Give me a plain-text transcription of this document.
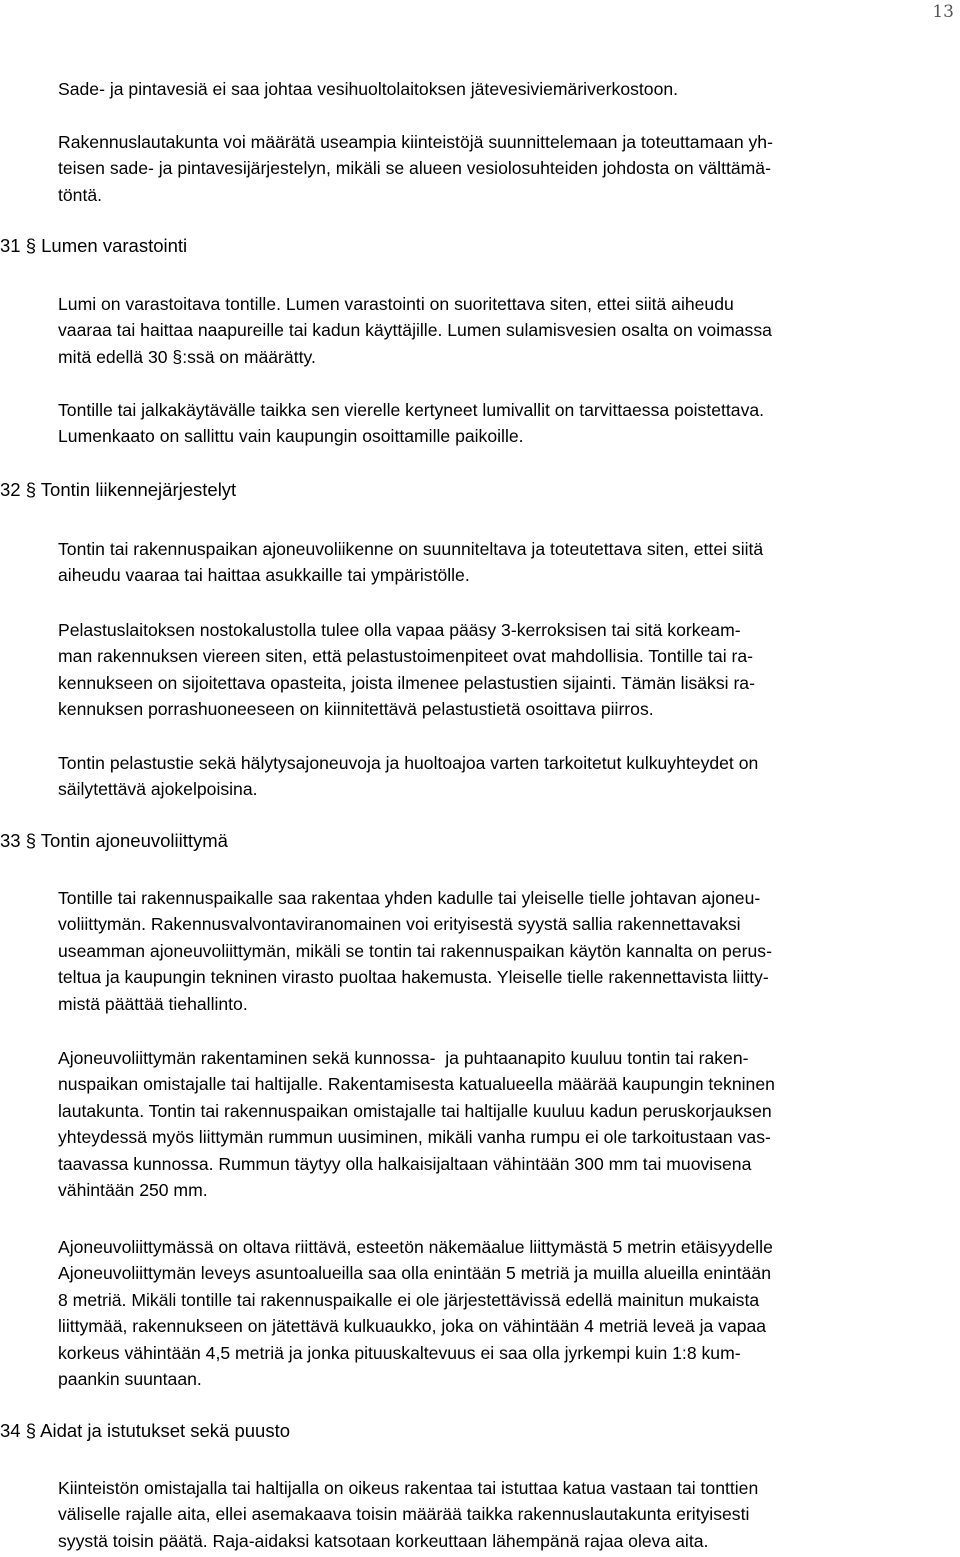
13
Sade- ja pintavesiä ei saa johtaa vesihuoltolaitoksen jätevesiviemäriverkostoon.
Rakennuslautakunta voi määrätä useampia kiinteistöjä suunnittelemaan ja toteuttamaan yh-
teisen sade- ja pintavesijärjestelyn, mikäli se alueen vesiolosuhteiden johdosta on välttämä-
töntä.
31 § Lumen varastointi
Lumi on varastoitava tontille. Lumen varastointi on suoritettava siten, ettei siitä aiheudu
vaaraa tai haittaa naapureille tai kadun käyttäjille. Lumen sulamisvesien osalta on voimassa
mitä edellä 30 §:ssä on määrätty.
Tontille tai jalkakäytävälle taikka sen vierelle kertyneet lumivallit on tarvittaessa poistettava.
Lumenkaato on sallittu vain kaupungin osoittamille paikoille.
32 § Tontin liikennejärjestelyt
Tontin tai rakennuspaikan ajoneuvoliikenne on suunniteltava ja toteutettava siten, ettei siitä
aiheudu vaaraa tai haittaa asukkaille tai ympäristölle.
Pelastuslaitoksen nostokalustolla tulee olla vapaa pääsy 3-kerroksisen tai sitä korkeam-
man rakennuksen viereen siten, että pelastustoimenpiteet ovat mahdollisia. Tontille tai ra-
kennukseen on sijoitettava opasteita, joista ilmenee pelastustien sijainti. Tämän lisäksi ra-
kennuksen porrashuoneeseen on kiinnitettävä pelastustietä osoittava piirros.
Tontin pelastustie sekä hälytysajoneuvoja ja huoltoajoa varten tarkoitetut kulkuyhteydet on
säilytettävä ajokelpoisina.
33 § Tontin ajoneuvoliittymä
Tontille tai rakennuspaikalle saa rakentaa yhden kadulle tai yleiselle tielle johtavan ajoneu-
voliittymän. Rakennusvalvontaviranomainen voi erityisestä syystä sallia rakennettavaksi
useamman ajoneuvoliittymän, mikäli se tontin tai rakennuspaikan käytön kannalta on perus-
teltua ja kaupungin tekninen virasto puoltaa hakemusta. Yleiselle tielle rakennettavista liitty-
mistä päättää tiehallinto.
Ajoneuvoliittymän rakentaminen sekä kunnossa-  ja puhtaanapito kuuluu tontin tai raken-
nuspaikan omistajalle tai haltijalle. Rakentamisesta katualueella määrää kaupungin tekninen
lautakunta. Tontin tai rakennuspaikan omistajalle tai haltijalle kuuluu kadun peruskorjauksen
yhteydessä myös liittymän rummun uusiminen, mikäli vanha rumpu ei ole tarkoitustaan vas-
taavassa kunnossa. Rummun täytyy olla halkaisijaltaan vähintään 300 mm tai muovisena
vähintään 250 mm.
Ajoneuvoliittymässä on oltava riittävä, esteetön näkemäalue liittymästä 5 metrin etäisyydelle
Ajoneuvoliittymän leveys asuntoalueilla saa olla enintään 5 metriä ja muilla alueilla enintään
8 metriä. Mikäli tontille tai rakennuspaikalle ei ole järjestettävissä edellä mainitun mukaista
liittymää, rakennukseen on jätettävä kulkuaukko, joka on vähintään 4 metriä leveä ja vapaa
korkeus vähintään 4,5 metriä ja jonka pituuskaltevuus ei saa olla jyrkempi kuin 1:8 kum-
paankin suuntaan.
34 § Aidat ja istutukset sekä puusto
Kiinteistön omistajalla tai haltijalla on oikeus rakentaa tai istuttaa katua vastaan tai tonttien
väliselle rajalle aita, ellei asemakaava toisin määrää taikka rakennuslautakunta erityisesti
syystä toisin päätä. Raja-aidaksi katsotaan korkeuttaan lähempänä rajaa oleva aita.
